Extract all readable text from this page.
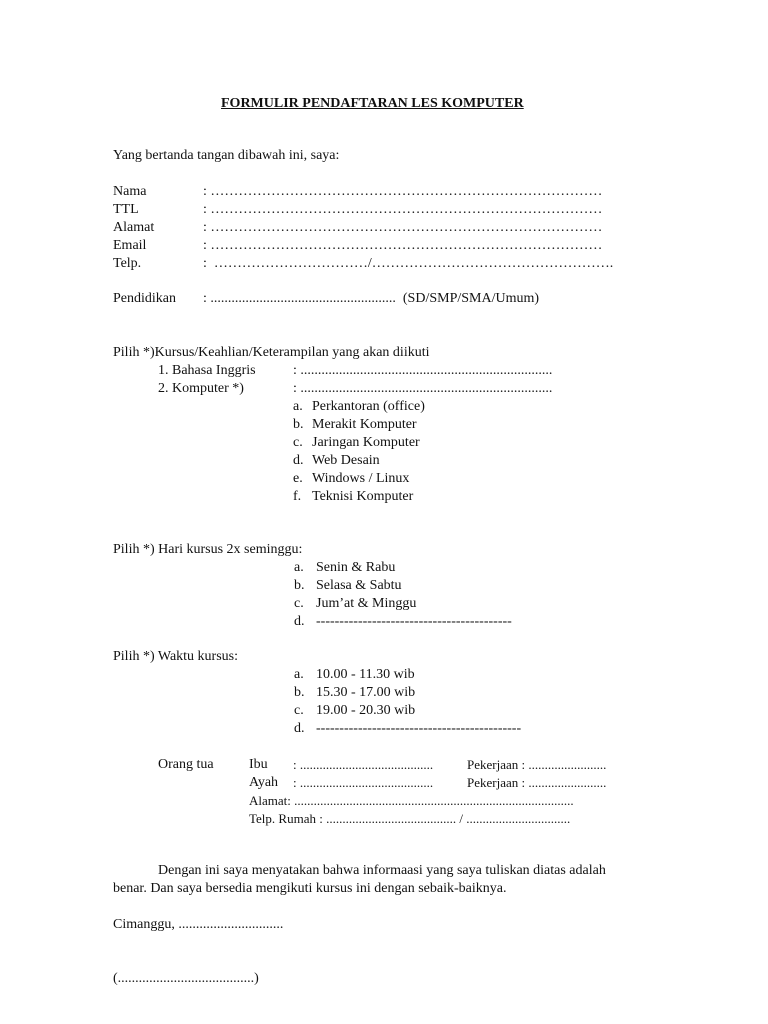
FORMULIR PENDAFTARAN LES KOMPUTER
Yang bertanda tangan dibawah ini, saya:
Nama	: …………………………………………………………………………
TTL	: …………………………………………………………………………
Alamat	: …………………………………………………………………………
Email	: …………………………………………………………………………
Telp.	:  ……………………………/…………………………………………….
Pendidikan	: .....................................................  (SD/SMP/SMA/Umum)
Pilih *)Kursus/Keahlian/Keterampilan yang akan diikuti
1. Bahasa Inggris	: ........................................................................
2. Komputer *)	: ........................................................................
a. Perkantoran (office)
b. Merakit Komputer
c. Jaringan Komputer
d. Web Desain
e. Windows / Linux
f. Teknisi Komputer
Pilih *) Hari kursus 2x seminggu:
a. Senin & Rabu
b. Selasa & Sabtu
c. Jum’at & Minggu
d. ------------------------------------------
Pilih *) Waktu kursus:
a. 10.00 - 11.30 wib
b. 15.30 - 17.00 wib
c. 19.00 - 20.30 wib
d. --------------------------------------------
Orang tua	Ibu : .........................................	Pekerjaan : ........................
Ayah : .........................................	Pekerjaan : ........................
Alamat: ......................................................................................
Telp. Rumah : ........................................ / ................................
Dengan ini saya menyatakan bahwa informaasi yang saya tuliskan diatas adalah
benar. Dan saya bersedia mengikuti kursus ini dengan sebaik-baiknya.
Cimanggu, ..............................
(.......................................)
